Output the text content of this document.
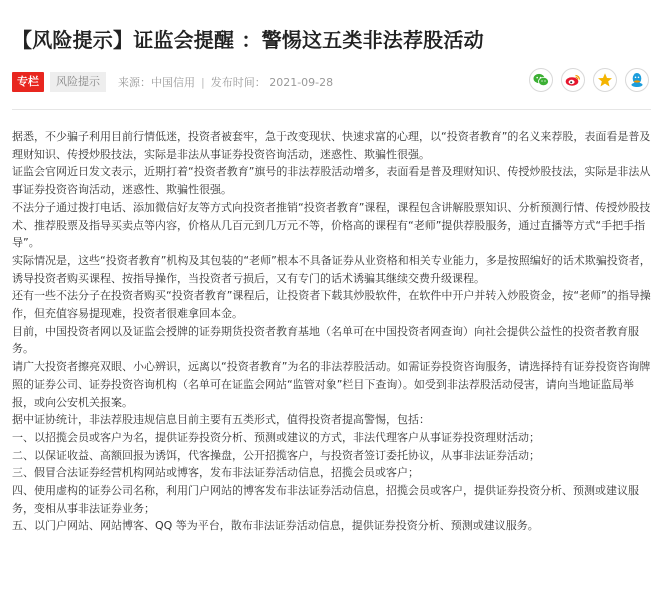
【风险提示】证监会提醒 ：警惕这五类非法荐股活动
专栏	风险提示	来源：中国信用 | 发布时间： 2021-09-28

据悉，不少骗子利用目前行情低迷，投资者被套牢，急于改变现状、快速求富的心理，以“投资者教育”的名义来荐股，表面看是普及理财知识、传授炒股技法，实际是非法从事证券投资咨询活动，迷惑性、欺骗性很强。

证监会官网近日发文表示，近期打着“投资者教育”旗号的非法荐股活动增多，表面看是普及理财知识、传授炒股技法，实际是非法从事证券投资咨询活动，迷惑性、欺骗性很强。

不法分子通过拨打电话、添加微信好友等方式向投资者推销“投资者教育”课程，课程包含讲解股票知识、分析预测行情、传授炒股技术、推荐股票及指导买卖点等内容，价格从几百元到几万元不等，价格高的课程有“老师”提供荐股服务，通过直播等方式“手把手指导”。

实际情况是，这些“投资者教育”机构及其包装的“老师”根本不具备证券从业资格和相关专业能力，多是按照编好的话术欺骗投资者，诱导投资者购买课程、按指导操作，当投资者亏损后，又有专门的话术诱骗其继续交费升级课程。

还有一些不法分子在投资者购买“投资者教育”课程后，让投资者下载其炒股软件，在软件中开户并转入炒股资金，按“老师”的指导操作，但充值容易提现难，投资者很难拿回本金。

目前，中国投资者网以及证监会授牌的证券期货投资者教育基地（名单可在中国投资者网查询）向社会提供公益性的投资者教育服务。

请广大投资者擦亮双眼、小心辨识，远离以“投资者教育”为名的非法荐股活动。如需证券投资咨询服务，请选择持有证券投资咨询牌照的证券公司、证券投资咨询机构（名单可在证监会网站“监管对象”栏目下查询）。如受到非法荐股活动侵害，请向当地证监局举报，或向公安机关报案。

据中证协统计，非法荐股违规信息目前主要有五类形式，值得投资者提高警惕，包括：

一、以招揽会员或客户为名，提供证券投资分析、预测或建议的方式，非法代理客户从事证券投资理财活动；

二、以保证收益、高额回报为诱饵，代客操盘，公开招揽客户，与投资者签订委托协议，从事非法证券活动；

三、假冒合法证券经营机构网站或博客，发布非法证券活动信息，招揽会员或客户；

四、使用虚构的证券公司名称，利用门户网站的博客发布非法证券活动信息，招揽会员或客户，提供证券投资分析、预测或建议服务，变相从事非法证券业务；

五、以门户网站、网站博客、QQ 等为平台，散布非法证券活动信息，提供证券投资分析、预测或建议服务。
